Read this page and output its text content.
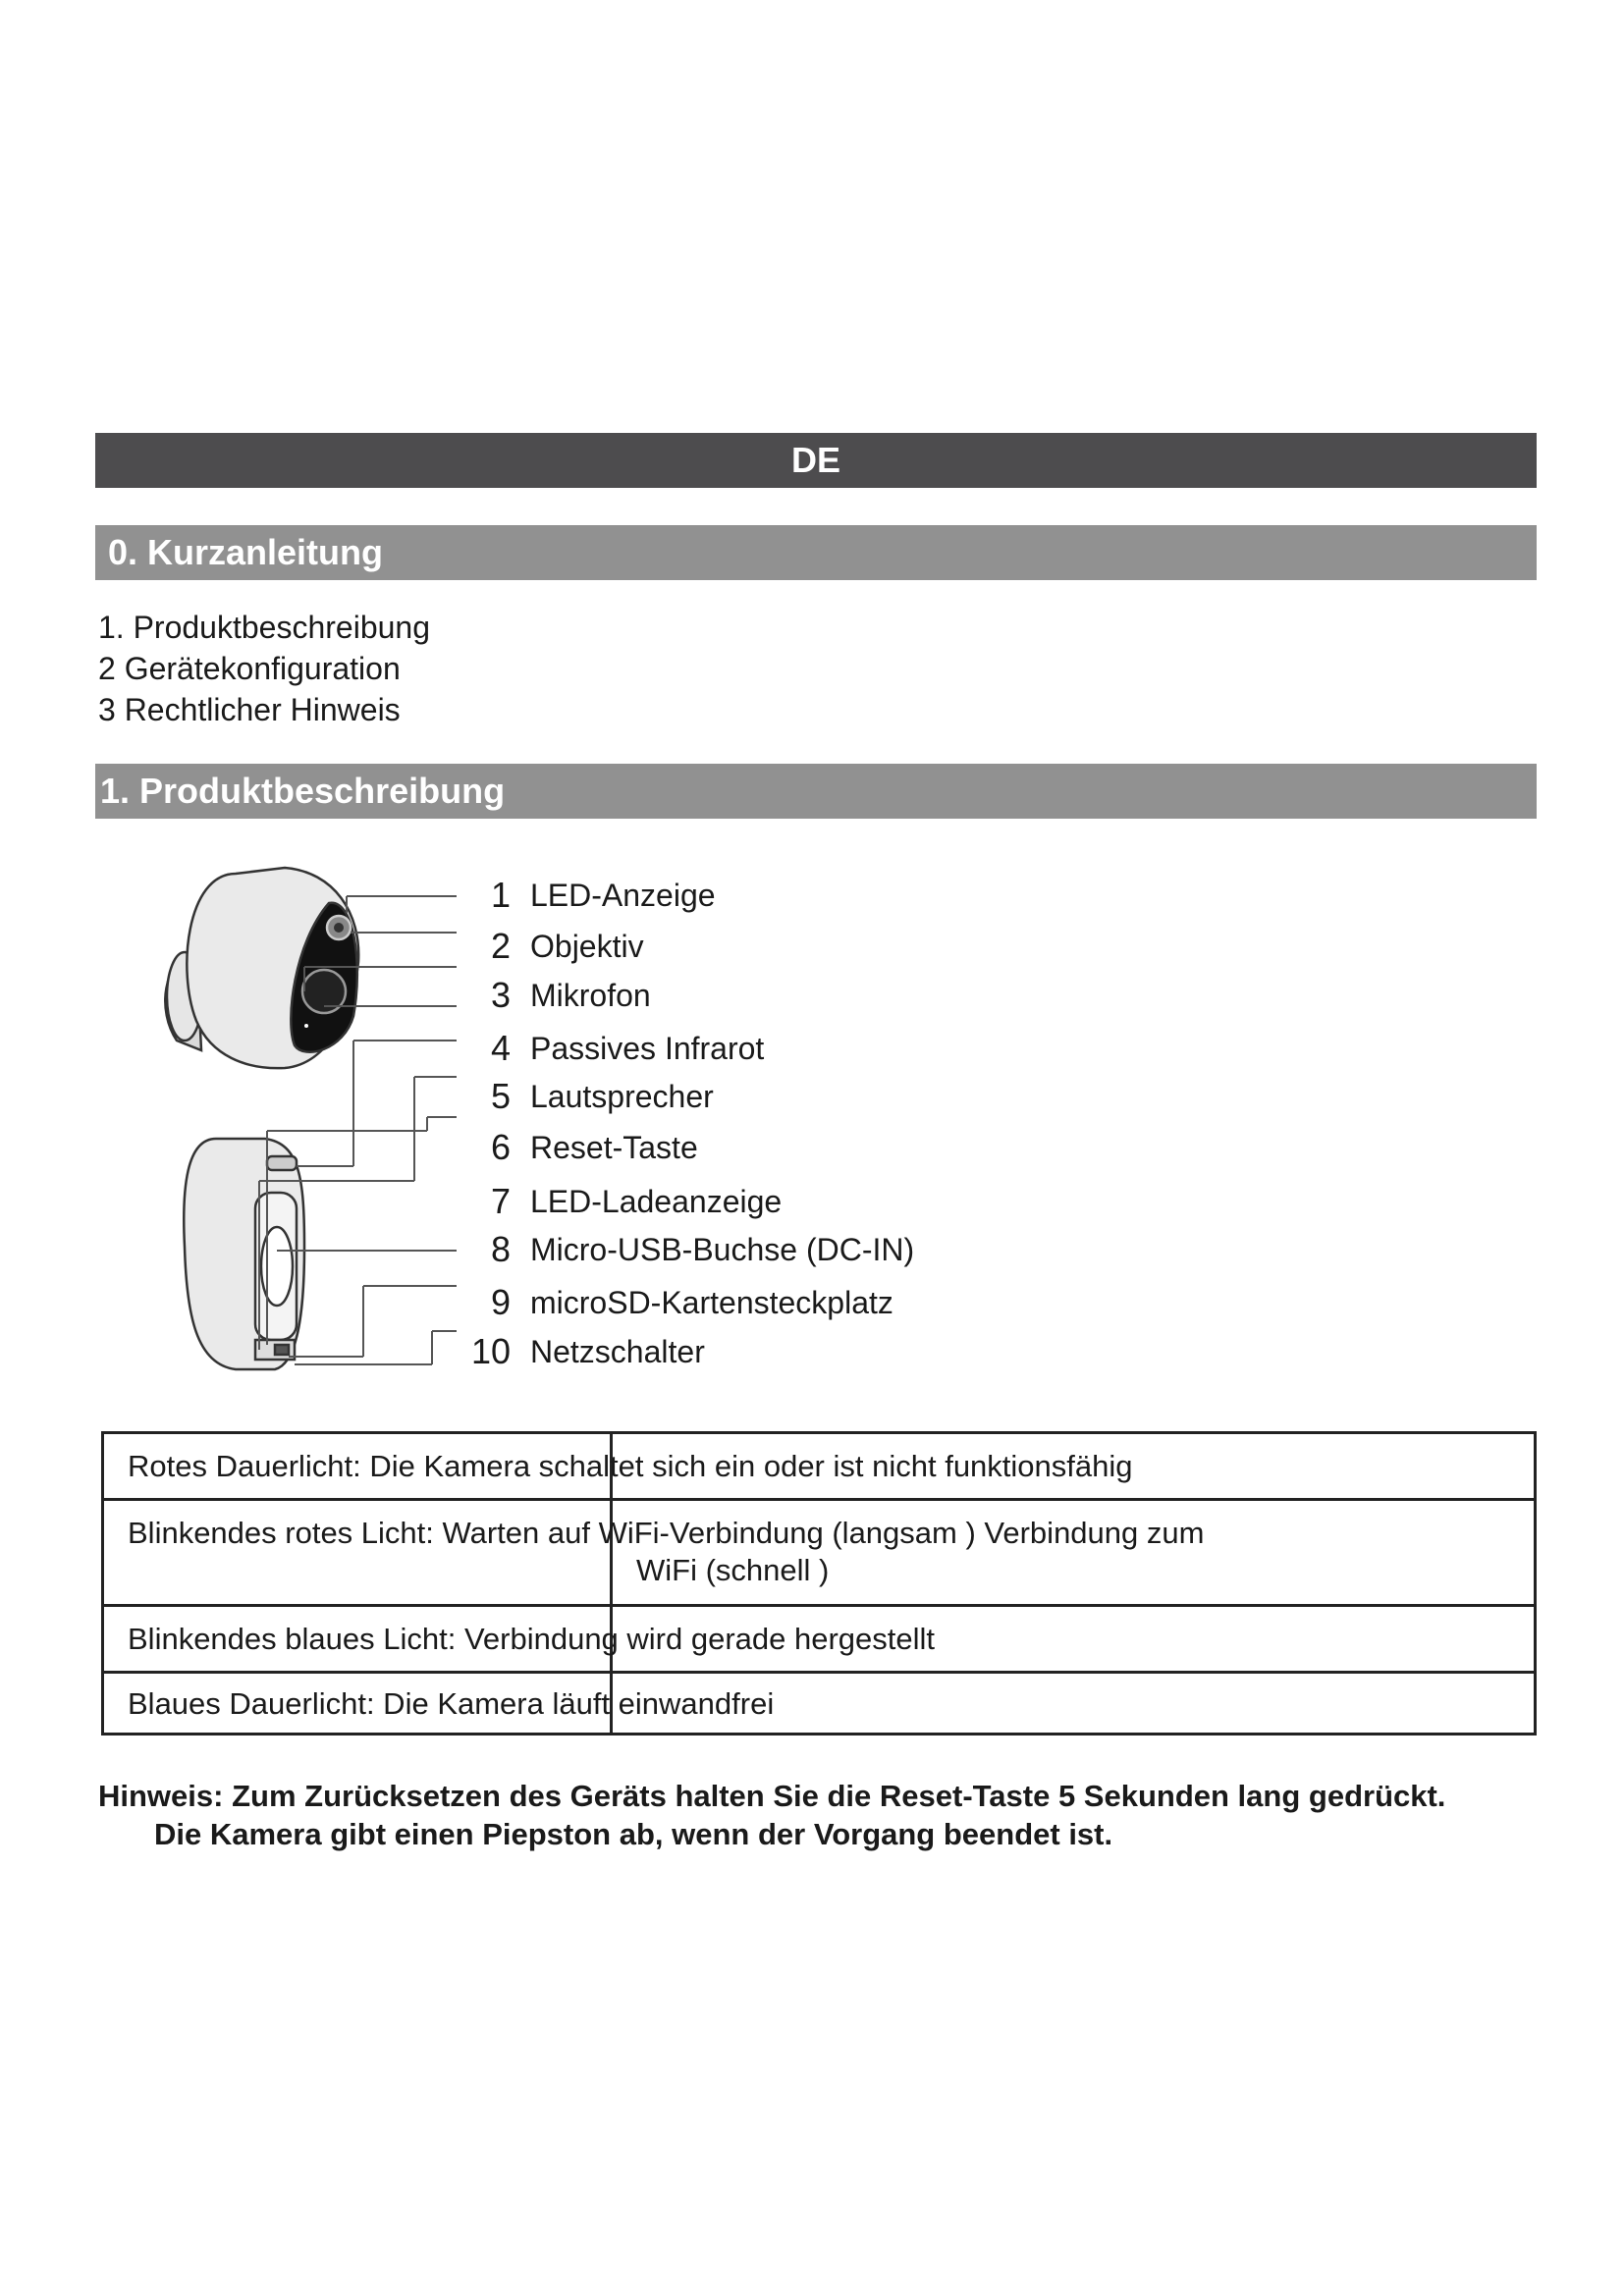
DE
0. Kurzanleitung
1. Produktbeschreibung
2 Gerätekonfiguration
3 Rechtlicher Hinweis
1. Produktbeschreibung
1 LED-Anzeige
2 Objektiv
3 Mikrofon
4 Passives Infrarot
5 Lautsprecher
6 Reset-Taste
7 LED-Ladeanzeige
8 Micro-USB-Buchse (DC-IN)
9 microSD-Kartensteckplatz
10 Netzschalter
Rotes Dauerlicht: Die Kamera schaltet sich ein oder ist nicht funktionsfähig
Blinkendes rotes Licht: Warten auf WiFi-Verbindung (langsam ) Verbindung zum
WiFi (schnell )
Blinkendes blaues Licht: Verbindung wird gerade hergestellt
Blaues Dauerlicht: Die Kamera läuft einwandfrei
Hinweis: Zum Zurücksetzen des Geräts halten Sie die Reset-Taste 5 Sekunden lang gedrückt.
Die Kamera gibt einen Piepston ab, wenn der Vorgang beendet ist.
